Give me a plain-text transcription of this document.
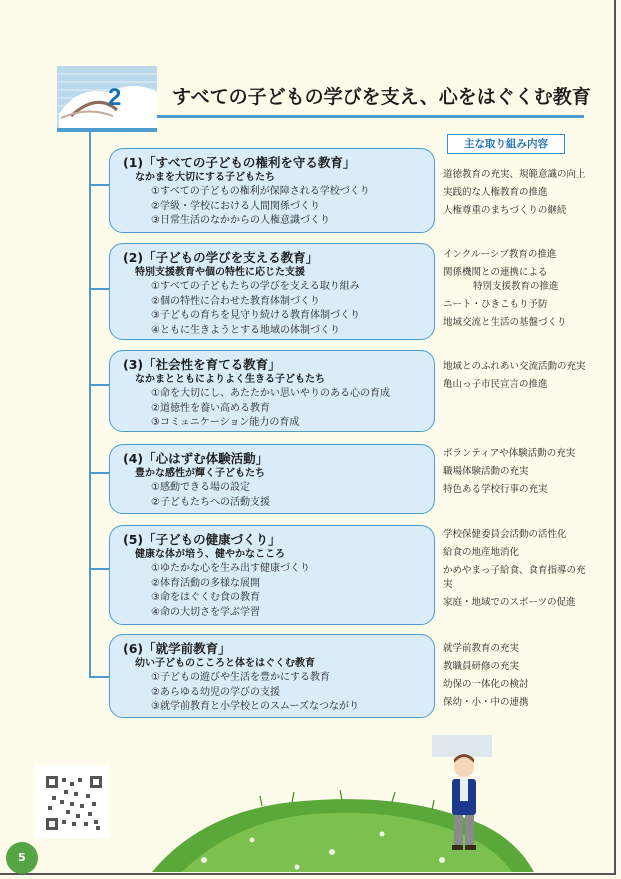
2	すべての子どもの学びを支え、心をはぐくむ教育
主な取り組み内容
(1)「すべての子どもの権利を守る教育」
なかまを大切にする子どもたち
①すべての子どもの権利が保障される学校づくり
②学級・学校における人間関係づくり
③日常生活のなかからの人権意識づくり
道徳教育の充実、規範意識の向上
実践的な人権教育の推進
人権尊重のまちづくりの継続
(2)「子どもの学びを支える教育」
特別支援教育や個の特性に応じた支援
①すべての子どもたちの学びを支える取り組み
②個の特性に合わせた教育体制づくり
③子どもの育ちを見守り続ける教育体制づくり
④ともに生きようとする地域の体制づくり
インクルーシブ教育の推進
関係機関との連携による
特別支援教育の推進
ニート・ひきこもり予防
地域交流と生活の基盤づくり
(3)「社会性を育てる教育」
なかまとともによりよく生きる子どもたち
①命を大切にし、あたたかい思いやりのある心の育成
②道徳性を養い高める教育
③コミュニケーション能力の育成
地域とのふれあい交流活動の充実
亀山っ子市民宣言の推進
(4)「心はずむ体験活動」
豊かな感性が輝く子どもたち
①感動できる場の設定
②子どもたちへの活動支援
ボランティアや体験活動の充実
職場体験活動の充実
特色ある学校行事の充実
(5)「子どもの健康づくり」
健康な体が培う、健やかなこころ
①ゆたかな心を生み出す健康づくり
②体育活動の多様な展開
③命をはぐくむ食の教育
④命の大切さを学ぶ学習
学校保健委員会活動の活性化
給食の地産地消化
かめやまっ子給食、食育指導の充実
家庭・地域でのスポーツの促進
(6)「就学前教育」
幼い子どものこころと体をはぐくむ教育
①子どもの遊びや生活を豊かにする教育
②あらゆる幼児の学びの支援
③就学前教育と小学校とのスムーズなつながり
就学前教育の充実
教職員研修の充実
幼保の一体化の検討
保幼・小・中の連携
5
